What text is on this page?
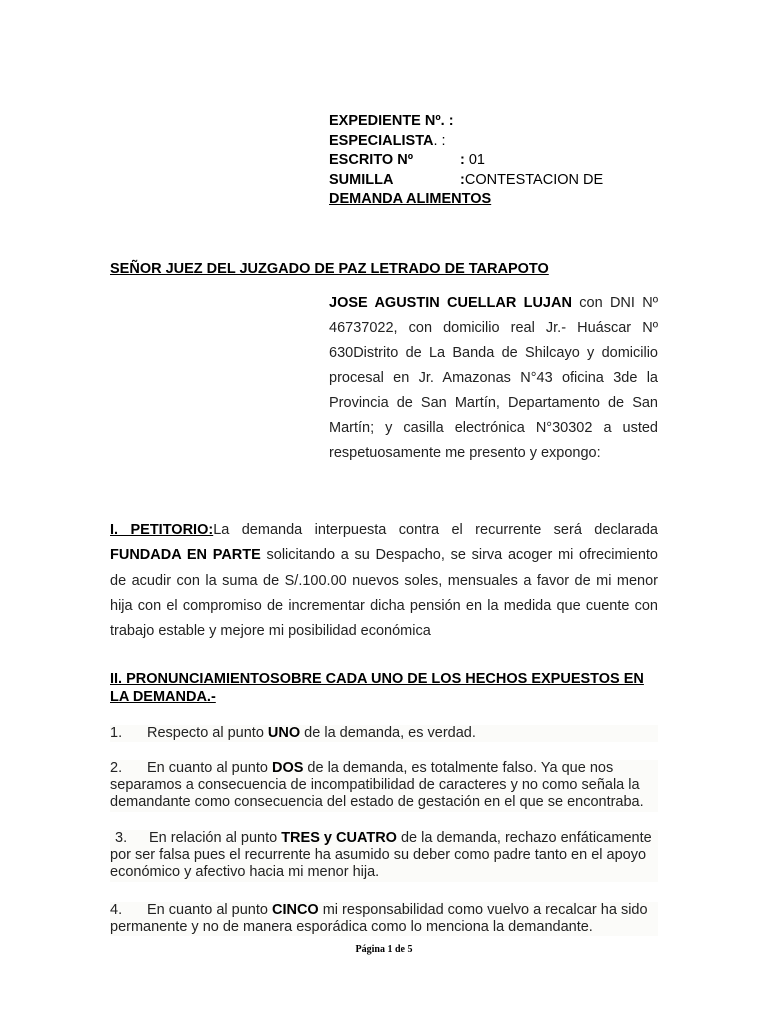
EXPEDIENTE Nº. :
ESPECIALISTA. :
ESCRITO Nº	: 01
SUMILLA	:CONTESTACION DE
DEMANDA ALIMENTOS
SEÑOR JUEZ DEL JUZGADO DE PAZ LETRADO DE TARAPOTO
JOSE AGUSTIN CUELLAR LUJAN con DNI Nº 46737022, con domicilio real Jr.- Huáscar Nº 630Distrito de La Banda de Shilcayo y domicilio procesal en Jr. Amazonas N°43 oficina 3de la Provincia de San Martín, Departamento de San Martín; y casilla electrónica N°30302 a usted respetuosamente me presento y expongo:
I. PETITORIO:La demanda interpuesta contra el recurrente será declarada FUNDADA EN PARTE solicitando a su Despacho, se sirva acoger mi ofrecimiento de acudir con la suma de S/.100.00 nuevos soles, mensuales a favor de mi menor hija con el compromiso de incrementar dicha pensión en la medida que cuente con trabajo estable y mejore mi posibilidad económica
II. PRONUNCIAMIENTOSOBRE CADA UNO DE LOS HECHOS EXPUESTOS EN LA DEMANDA.-
1. Respecto al punto UNO de la demanda, es verdad.
2. En cuanto al punto DOS de la demanda, es totalmente falso. Ya que nos separamos a consecuencia de incompatibilidad de caracteres y no como señala la demandante como consecuencia del estado de gestación en el que se encontraba.
3. En relación al punto TRES y CUATRO de la demanda, rechazo enfáticamente por ser falsa pues el recurrente ha asumido su deber como padre tanto en el apoyo económico y afectivo hacia mi menor hija.
4. En cuanto al punto CINCO mi responsabilidad como vuelvo a recalcar ha sido permanente y no de manera esporádica como lo menciona la demandante.
Página 1 de 5
